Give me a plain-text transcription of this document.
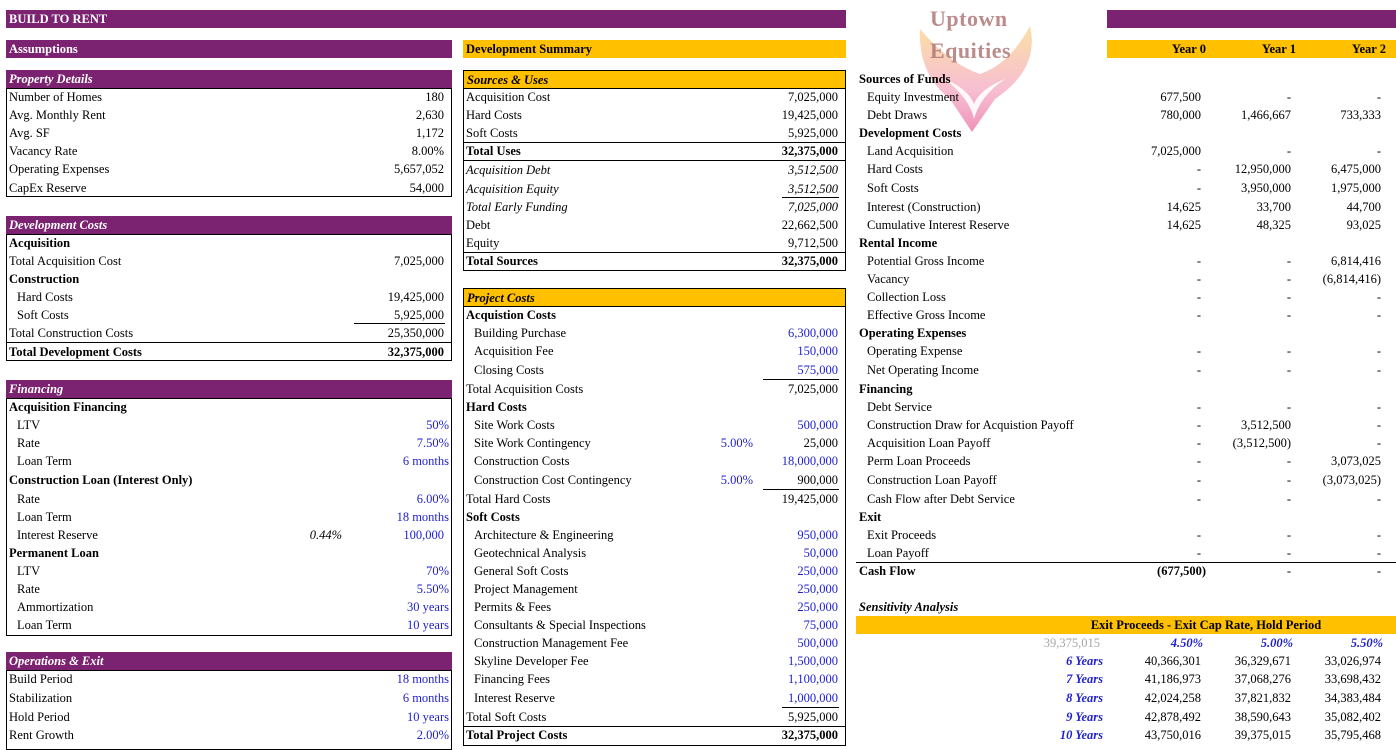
BUILD TO RENT	Uptown
Equities
Assumptions
Property Details
Number of Homes	180
Avg. Monthly Rent	2,630
Avg. SF	1,172
Vacancy Rate	8.00%
Operating Expenses	5,657,052
CapEx Reserve	54,000
Development Costs
Acquisition
Total Acquisition Cost	7,025,000
Construction
Hard Costs	19,425,000
Soft Costs	5,925,000
Total Construction Costs	25,350,000
Total Development Costs	32,375,000
Financing
Acquisition Financing
LTV	50%
Rate	7.50%
Loan Term	6 months
Construction Loan (Interest Only)
Rate	6.00%
Loan Term	18 months
Interest Reserve	0.44%	100,000
Permanent Loan
LTV	70%
Rate	5.50%
Ammortization	30 years
Loan Term	10 years
Operations & Exit
Build Period	18 months
Stabilization	6 months
Hold Period	10 years
Rent Growth	2.00%
Development Summary
Sources & Uses
Acquisition Cost	7,025,000
Hard Costs	19,425,000
Soft Costs	5,925,000
Total Uses	32,375,000
Acquisition Debt	3,512,500
Acquisition Equity	3,512,500
Total Early Funding	7,025,000
Debt	22,662,500
Equity	9,712,500
Total Sources	32,375,000
Project Costs
Acquistion Costs
Building Purchase	6,300,000
Acquisition Fee	150,000
Closing Costs	575,000
Total Acquisition Costs	7,025,000
Hard Costs
Site Work Costs	500,000
Site Work Contingency	5.00%	25,000
Construction Costs	18,000,000
Construction Cost Contingency	5.00%	900,000
Total Hard Costs	19,425,000
Soft Costs
Architecture & Engineering	950,000
Geotechnical Analysis	50,000
General Soft Costs	250,000
Project Management	250,000
Permits & Fees	250,000
Consultants & Special Inspections	75,000
Construction Management Fee	500,000
Skyline Developer Fee	1,500,000
Financing Fees	1,100,000
Interest Reserve	1,000,000
Total Soft Costs	5,925,000
Total Project Costs	32,375,000
Year 0	Year 1	Year 2
Sources of Funds
Equity Investment	677,500	-	-
Debt Draws	780,000	1,466,667	733,333
Development Costs
Land Acquisition	7,025,000	-	-
Hard Costs	-	12,950,000	6,475,000
Soft Costs	-	3,950,000	1,975,000
Interest (Construction)	14,625	33,700	44,700
Cumulative Interest Reserve	14,625	48,325	93,025
Rental Income
Potential Gross Income	-	-	6,814,416
Vacancy	-	-	(6,814,416)
Collection Loss	-	-	-
Effective Gross Income	-	-	-
Operating Expenses
Operating Expense	-	-	-
Net Operating Income	-	-	-
Financing
Debt Service	-	-	-
Construction Draw for Acquistion Payoff	-	3,512,500	-
Acquisition Loan Payoff	-	(3,512,500)	-
Perm Loan Proceeds	-	-	3,073,025
Construction Loan Payoff	-	-	(3,073,025)
Cash Flow after Debt Service	-	-	-
Exit
Exit Proceeds	-	-	-
Loan Payoff	-	-	-
Cash Flow	(677,500)	-	-
Sensitivity Analysis
Exit Proceeds - Exit Cap Rate, Hold Period
39,375,015	4.50%	5.00%	5.50%
6 Years	40,366,301	36,329,671	33,026,974
7 Years	41,186,973	37,068,276	33,698,432
8 Years	42,024,258	37,821,832	34,383,484
9 Years	42,878,492	38,590,643	35,082,402
10 Years	43,750,016	39,375,015	35,795,468
